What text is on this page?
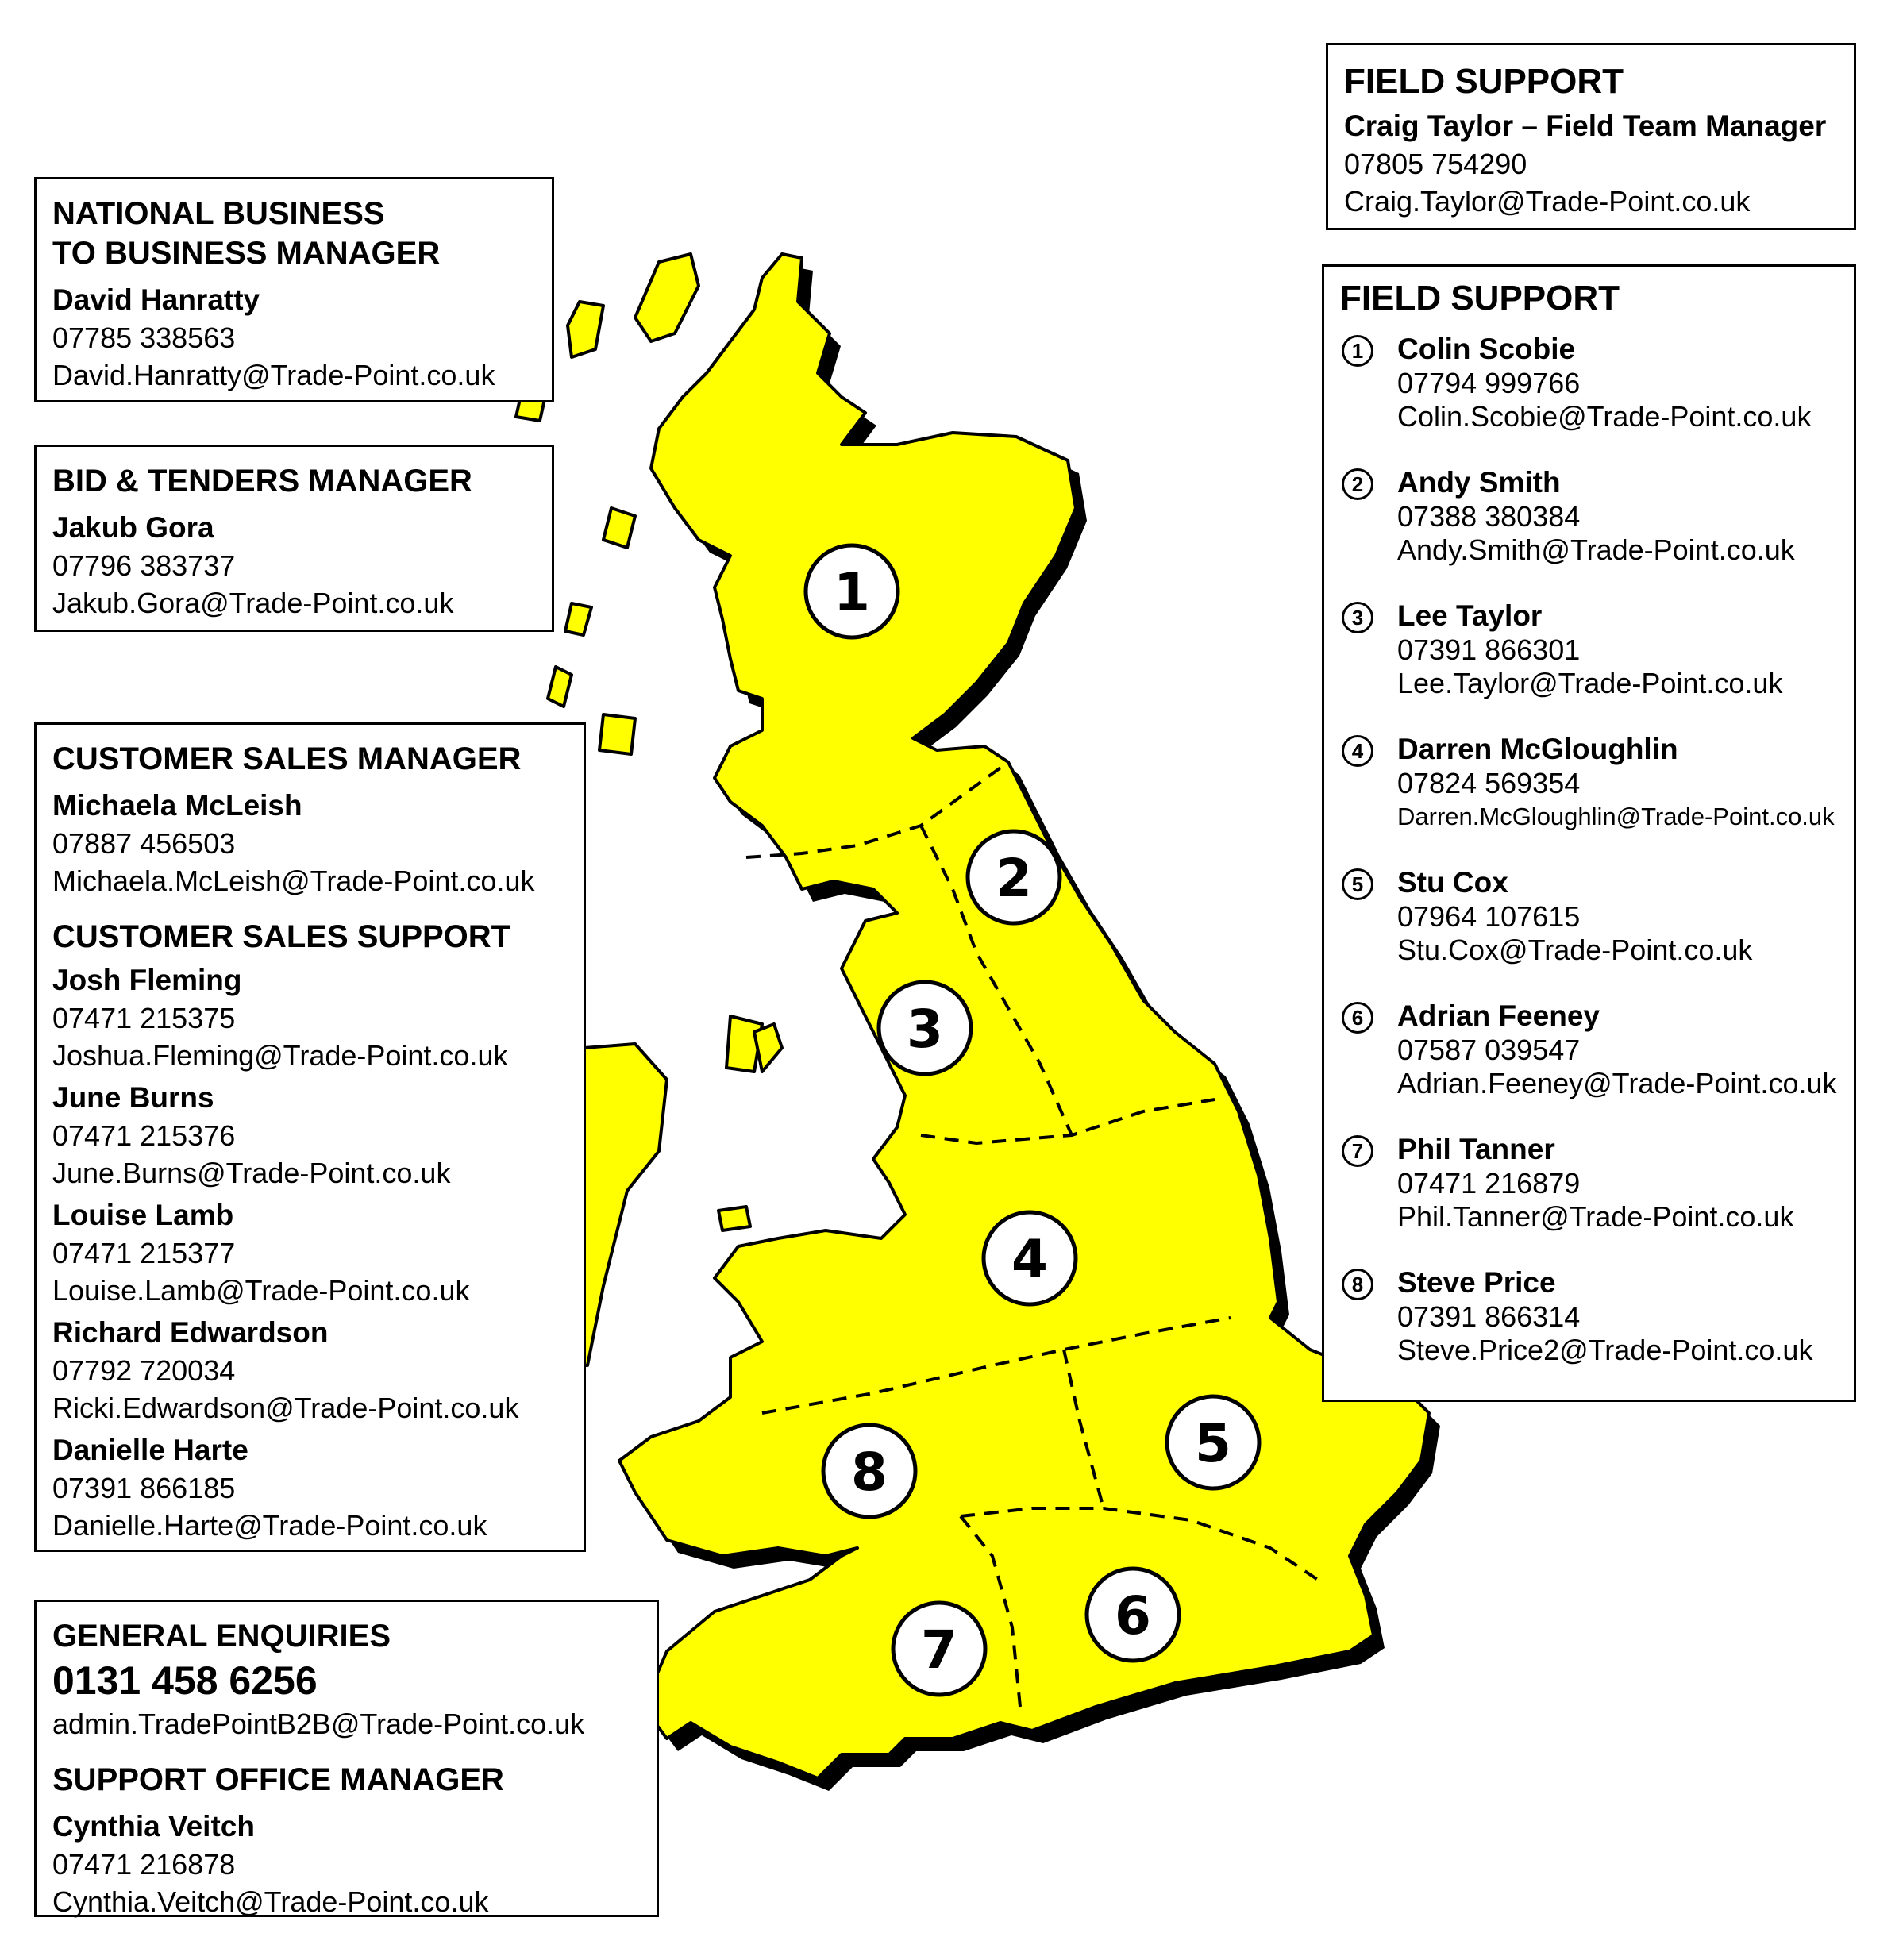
1
2
3
4
5
6
7
8
NATIONAL BUSINESS
TO BUSINESS MANAGER
David Hanratty
07785 338563
David.Hanratty@Trade-Point.co.uk
BID & TENDERS MANAGER
Jakub Gora
07796 383737
Jakub.Gora@Trade-Point.co.uk
CUSTOMER SALES MANAGER
Michaela McLeish
07887 456503
Michaela.McLeish@Trade-Point.co.uk
CUSTOMER SALES SUPPORT
Josh Fleming
07471 215375
Joshua.Fleming@Trade-Point.co.uk
June Burns
07471 215376
June.Burns@Trade-Point.co.uk
Louise Lamb
07471 215377
Louise.Lamb@Trade-Point.co.uk
Richard Edwardson
07792 720034
Ricki.Edwardson@Trade-Point.co.uk
Danielle Harte
07391 866185
Danielle.Harte@Trade-Point.co.uk
GENERAL ENQUIRIES
0131 458 6256
admin.TradePointB2B@Trade-Point.co.uk
SUPPORT OFFICE MANAGER
Cynthia Veitch
07471 216878
Cynthia.Veitch@Trade-Point.co.uk
FIELD SUPPORT
Craig Taylor – Field Team Manager
07805 754290
Craig.Taylor@Trade-Point.co.uk
FIELD SUPPORT
1	Colin Scobie
07794 999766
Colin.Scobie@Trade-Point.co.uk
2	Andy Smith
07388 380384
Andy.Smith@Trade-Point.co.uk
3	Lee Taylor
07391 866301
Lee.Taylor@Trade-Point.co.uk
4	Darren McGloughlin
07824 569354
Darren.McGloughlin@Trade-Point.co.uk
5	Stu Cox
07964 107615
Stu.Cox@Trade-Point.co.uk
6	Adrian Feeney
07587 039547
Adrian.Feeney@Trade-Point.co.uk
7	Phil Tanner
07471 216879
Phil.Tanner@Trade-Point.co.uk
8	Steve Price
07391 866314
Steve.Price2@Trade-Point.co.uk
